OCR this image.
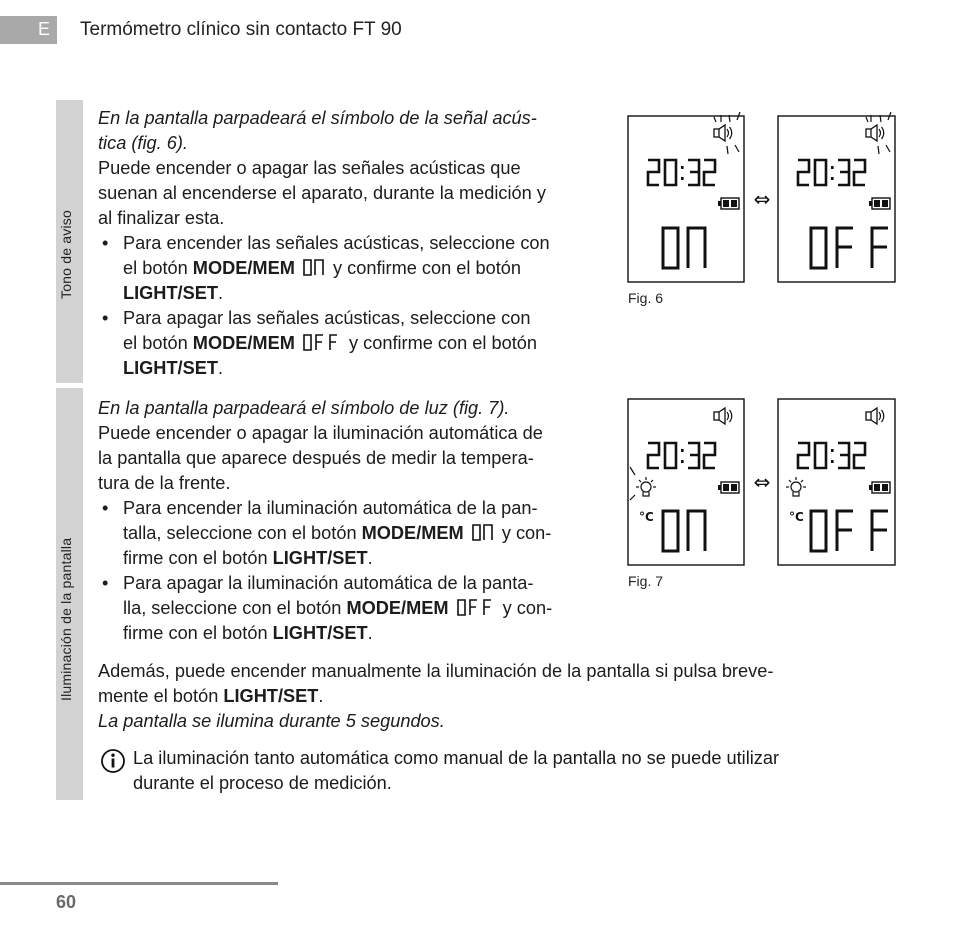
E Termómetro clínico sin contacto FT 90
Tono de aviso
Iluminación de la pantalla

En la pantalla parpadeará el símbolo de la señal acús-
tica (fig. 6).

Puede encender o apagar las señales acústicas que
suenan al encenderse el aparato, durante la medición y
al finalizar esta.

• Para encender las señales acústicas, seleccione con
el botón MODE/MEM y confirme con el botón
LIGHT/SET.
• Para apagar las señales acústicas, seleccione con
el botón MODE/MEM	y confirme con el botón
LIGHT/SET.

En la pantalla parpadeará el símbolo de luz (fig. 7).

Puede encender o apagar la iluminación automática de
la pantalla que aparece después de medir la tempera-
tura de la frente.

• Para encender la iluminación automática de la pan-
talla, seleccione con el botón MODE/MEM y con-
firme con el botón LIGHT/SET.
• Para apagar la iluminación automática de la panta-
lla, seleccione con el botón MODE/MEM	y con-
firme con el botón LIGHT/SET.

Además, puede encender manualmente la iluminación de la pantalla si pulsa breve-
mente el botón LIGHT/SET.

La pantalla se ilumina durante 5 segundos.

La iluminación tanto automática como manual de la pantalla no se puede utilizar
durante el proceso de medición.
⇔
Fig. 6
°C
⇔
°C
Fig. 7
60
